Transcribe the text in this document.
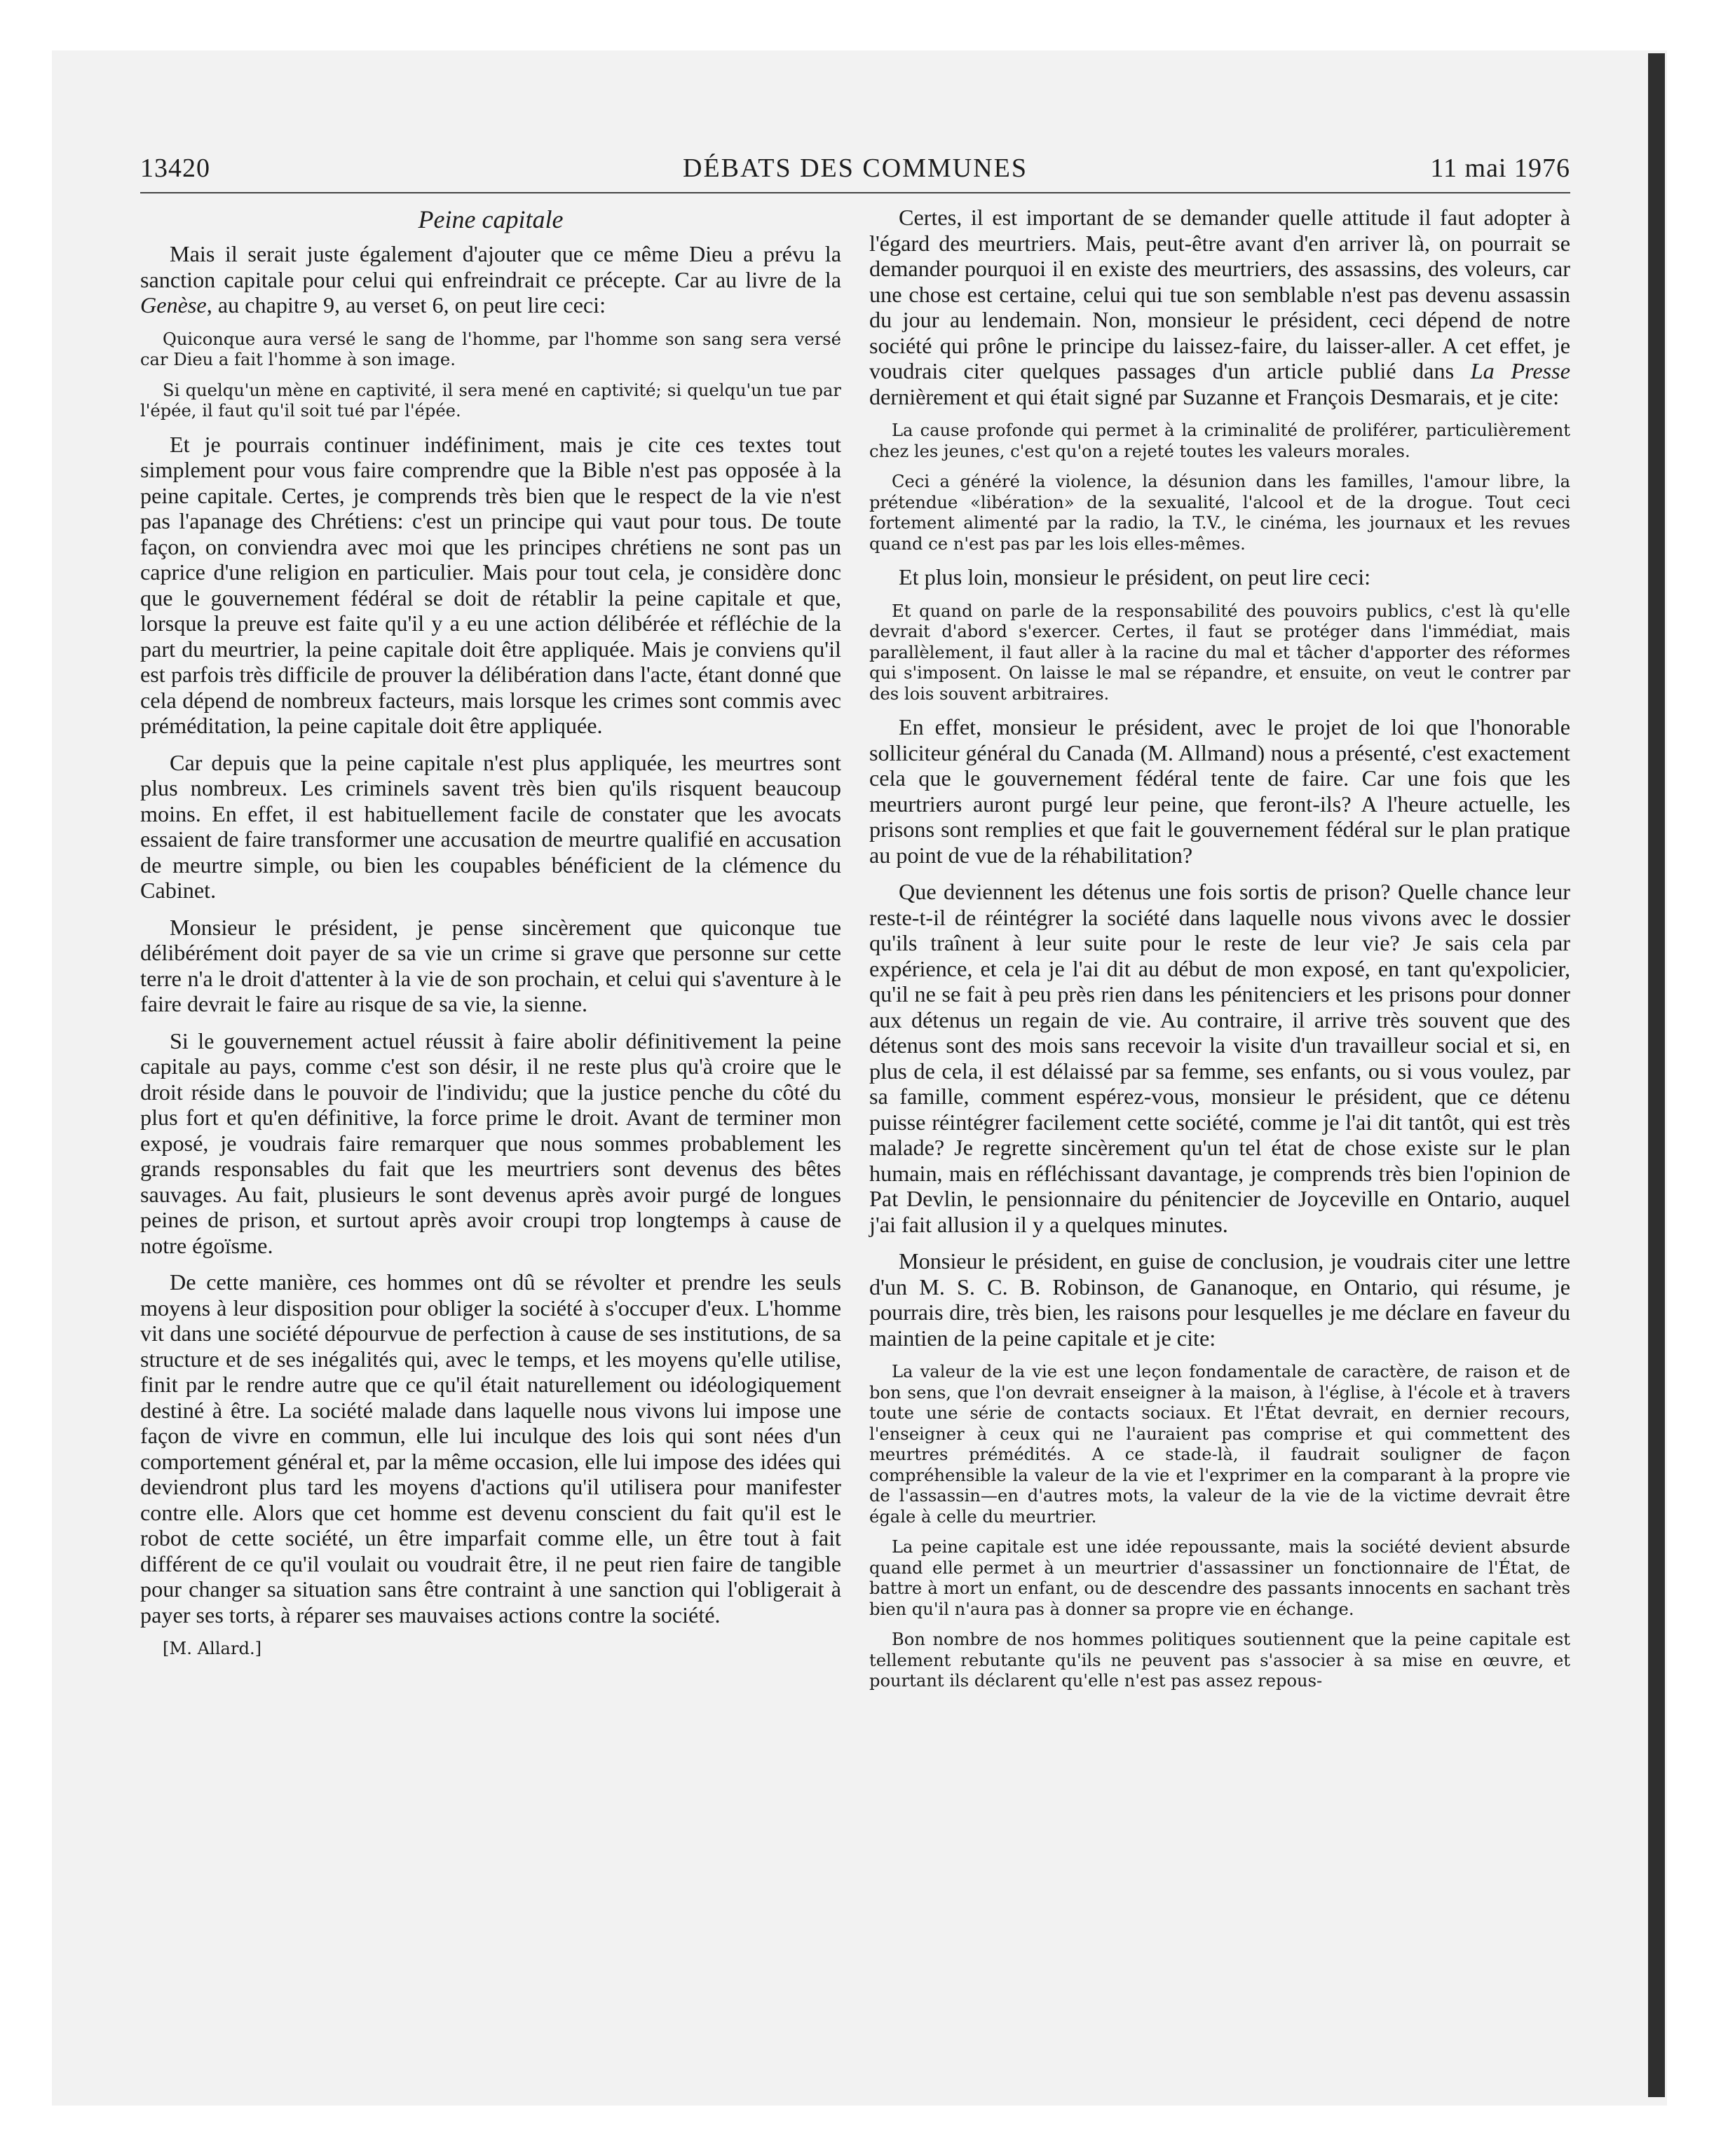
13420	DÉBATS DES COMMUNES	11 mai 1976
Peine capitale

Mais il serait juste également d'ajouter que ce même Dieu a prévu la sanction capitale pour celui qui enfreindrait ce précepte. Car au livre de la Genèse, au chapitre 9, au verset 6, on peut lire ceci:

Quiconque aura versé le sang de l'homme, par l'homme son sang sera versé car Dieu a fait l'homme à son image.

Si quelqu'un mène en captivité, il sera mené en captivité; si quelqu'un tue par l'épée, il faut qu'il soit tué par l'épée.

Et je pourrais continuer indéfiniment, mais je cite ces textes tout simplement pour vous faire comprendre que la Bible n'est pas opposée à la peine capitale. Certes, je comprends très bien que le respect de la vie n'est pas l'apanage des Chrétiens: c'est un principe qui vaut pour tous. De toute façon, on conviendra avec moi que les principes chrétiens ne sont pas un caprice d'une religion en particulier. Mais pour tout cela, je considère donc que le gouvernement fédéral se doit de rétablir la peine capitale et que, lorsque la preuve est faite qu'il y a eu une action délibérée et réfléchie de la part du meurtrier, la peine capitale doit être appliquée. Mais je conviens qu'il est parfois très difficile de prouver la délibération dans l'acte, étant donné que cela dépend de nombreux facteurs, mais lorsque les crimes sont commis avec préméditation, la peine capitale doit être appliquée.

Car depuis que la peine capitale n'est plus appliquée, les meurtres sont plus nombreux. Les criminels savent très bien qu'ils risquent beaucoup moins. En effet, il est habituellement facile de constater que les avocats essaient de faire transformer une accusation de meurtre qualifié en accusation de meurtre simple, ou bien les coupables bénéficient de la clémence du Cabinet.

Monsieur le président, je pense sincèrement que quiconque tue délibérément doit payer de sa vie un crime si grave que personne sur cette terre n'a le droit d'attenter à la vie de son prochain, et celui qui s'aventure à le faire devrait le faire au risque de sa vie, la sienne.

Si le gouvernement actuel réussit à faire abolir définitivement la peine capitale au pays, comme c'est son désir, il ne reste plus qu'à croire que le droit réside dans le pouvoir de l'individu; que la justice penche du côté du plus fort et qu'en définitive, la force prime le droit. Avant de terminer mon exposé, je voudrais faire remarquer que nous sommes probablement les grands responsables du fait que les meurtriers sont devenus des bêtes sauvages. Au fait, plusieurs le sont devenus après avoir purgé de longues peines de prison, et surtout après avoir croupi trop longtemps à cause de notre égoïsme.

De cette manière, ces hommes ont dû se révolter et prendre les seuls moyens à leur disposition pour obliger la société à s'occuper d'eux. L'homme vit dans une société dépourvue de perfection à cause de ses institutions, de sa structure et de ses inégalités qui, avec le temps, et les moyens qu'elle utilise, finit par le rendre autre que ce qu'il était naturellement ou idéologiquement destiné à être. La société malade dans laquelle nous vivons lui impose une façon de vivre en commun, elle lui inculque des lois qui sont nées d'un comportement général et, par la même occasion, elle lui impose des idées qui deviendront plus tard les moyens d'actions qu'il utilisera pour manifester contre elle. Alors que cet homme est devenu conscient du fait qu'il est le robot de cette société, un être imparfait comme elle, un être tout à fait différent de ce qu'il voulait ou voudrait être, il ne peut rien faire de tangible pour changer sa situation sans être contraint à une sanction qui l'obligerait à payer ses torts, à réparer ses mauvaises actions contre la société.

[M. Allard.]

Certes, il est important de se demander quelle attitude il faut adopter à l'égard des meurtriers. Mais, peut-être avant d'en arriver là, on pourrait se demander pourquoi il en existe des meurtriers, des assassins, des voleurs, car une chose est certaine, celui qui tue son semblable n'est pas devenu assassin du jour au lendemain. Non, monsieur le président, ceci dépend de notre société qui prône le principe du laissez-faire, du laisser-aller. A cet effet, je voudrais citer quelques passages d'un article publié dans La Presse dernièrement et qui était signé par Suzanne et François Desmarais, et je cite:

La cause profonde qui permet à la criminalité de proliférer, particulièrement chez les jeunes, c'est qu'on a rejeté toutes les valeurs morales.

Ceci a généré la violence, la désunion dans les familles, l'amour libre, la prétendue «libération» de la sexualité, l'alcool et de la drogue. Tout ceci fortement alimenté par la radio, la T.V., le cinéma, les journaux et les revues quand ce n'est pas par les lois elles-mêmes.

Et plus loin, monsieur le président, on peut lire ceci:

Et quand on parle de la responsabilité des pouvoirs publics, c'est là qu'elle devrait d'abord s'exercer. Certes, il faut se protéger dans l'immédiat, mais parallèlement, il faut aller à la racine du mal et tâcher d'apporter des réformes qui s'imposent. On laisse le mal se répandre, et ensuite, on veut le contrer par des lois souvent arbitraires.

En effet, monsieur le président, avec le projet de loi que l'honorable solliciteur général du Canada (M. Allmand) nous a présenté, c'est exactement cela que le gouvernement fédéral tente de faire. Car une fois que les meurtriers auront purgé leur peine, que feront-ils? A l'heure actuelle, les prisons sont remplies et que fait le gouvernement fédéral sur le plan pratique au point de vue de la réhabilitation?

Que deviennent les détenus une fois sortis de prison? Quelle chance leur reste-t-il de réintégrer la société dans laquelle nous vivons avec le dossier qu'ils traînent à leur suite pour le reste de leur vie? Je sais cela par expérience, et cela je l'ai dit au début de mon exposé, en tant qu'expolicier, qu'il ne se fait à peu près rien dans les pénitenciers et les prisons pour donner aux détenus un regain de vie. Au contraire, il arrive très souvent que des détenus sont des mois sans recevoir la visite d'un travailleur social et si, en plus de cela, il est délaissé par sa femme, ses enfants, ou si vous voulez, par sa famille, comment espérez-vous, monsieur le président, que ce détenu puisse réintégrer facilement cette société, comme je l'ai dit tantôt, qui est très malade? Je regrette sincèrement qu'un tel état de chose existe sur le plan humain, mais en réfléchissant davantage, je comprends très bien l'opinion de Pat Devlin, le pensionnaire du pénitencier de Joyceville en Ontario, auquel j'ai fait allusion il y a quelques minutes.

Monsieur le président, en guise de conclusion, je voudrais citer une lettre d'un M. S. C. B. Robinson, de Gananoque, en Ontario, qui résume, je pourrais dire, très bien, les raisons pour lesquelles je me déclare en faveur du maintien de la peine capitale et je cite:

La valeur de la vie est une leçon fondamentale de caractère, de raison et de bon sens, que l'on devrait enseigner à la maison, à l'église, à l'école et à travers toute une série de contacts sociaux. Et l'État devrait, en dernier recours, l'enseigner à ceux qui ne l'auraient pas comprise et qui commettent des meurtres prémédités. A ce stade-là, il faudrait souligner de façon compréhensible la valeur de la vie et l'exprimer en la comparant à la propre vie de l'assassin—en d'autres mots, la valeur de la vie de la victime devrait être égale à celle du meurtrier.

La peine capitale est une idée repoussante, mais la société devient absurde quand elle permet à un meurtrier d'assassiner un fonctionnaire de l'État, de battre à mort un enfant, ou de descendre des passants innocents en sachant très bien qu'il n'aura pas à donner sa propre vie en échange.

Bon nombre de nos hommes politiques soutiennent que la peine capitale est tellement rebutante qu'ils ne peuvent pas s'associer à sa mise en œuvre, et pourtant ils déclarent qu'elle n'est pas assez repous-
